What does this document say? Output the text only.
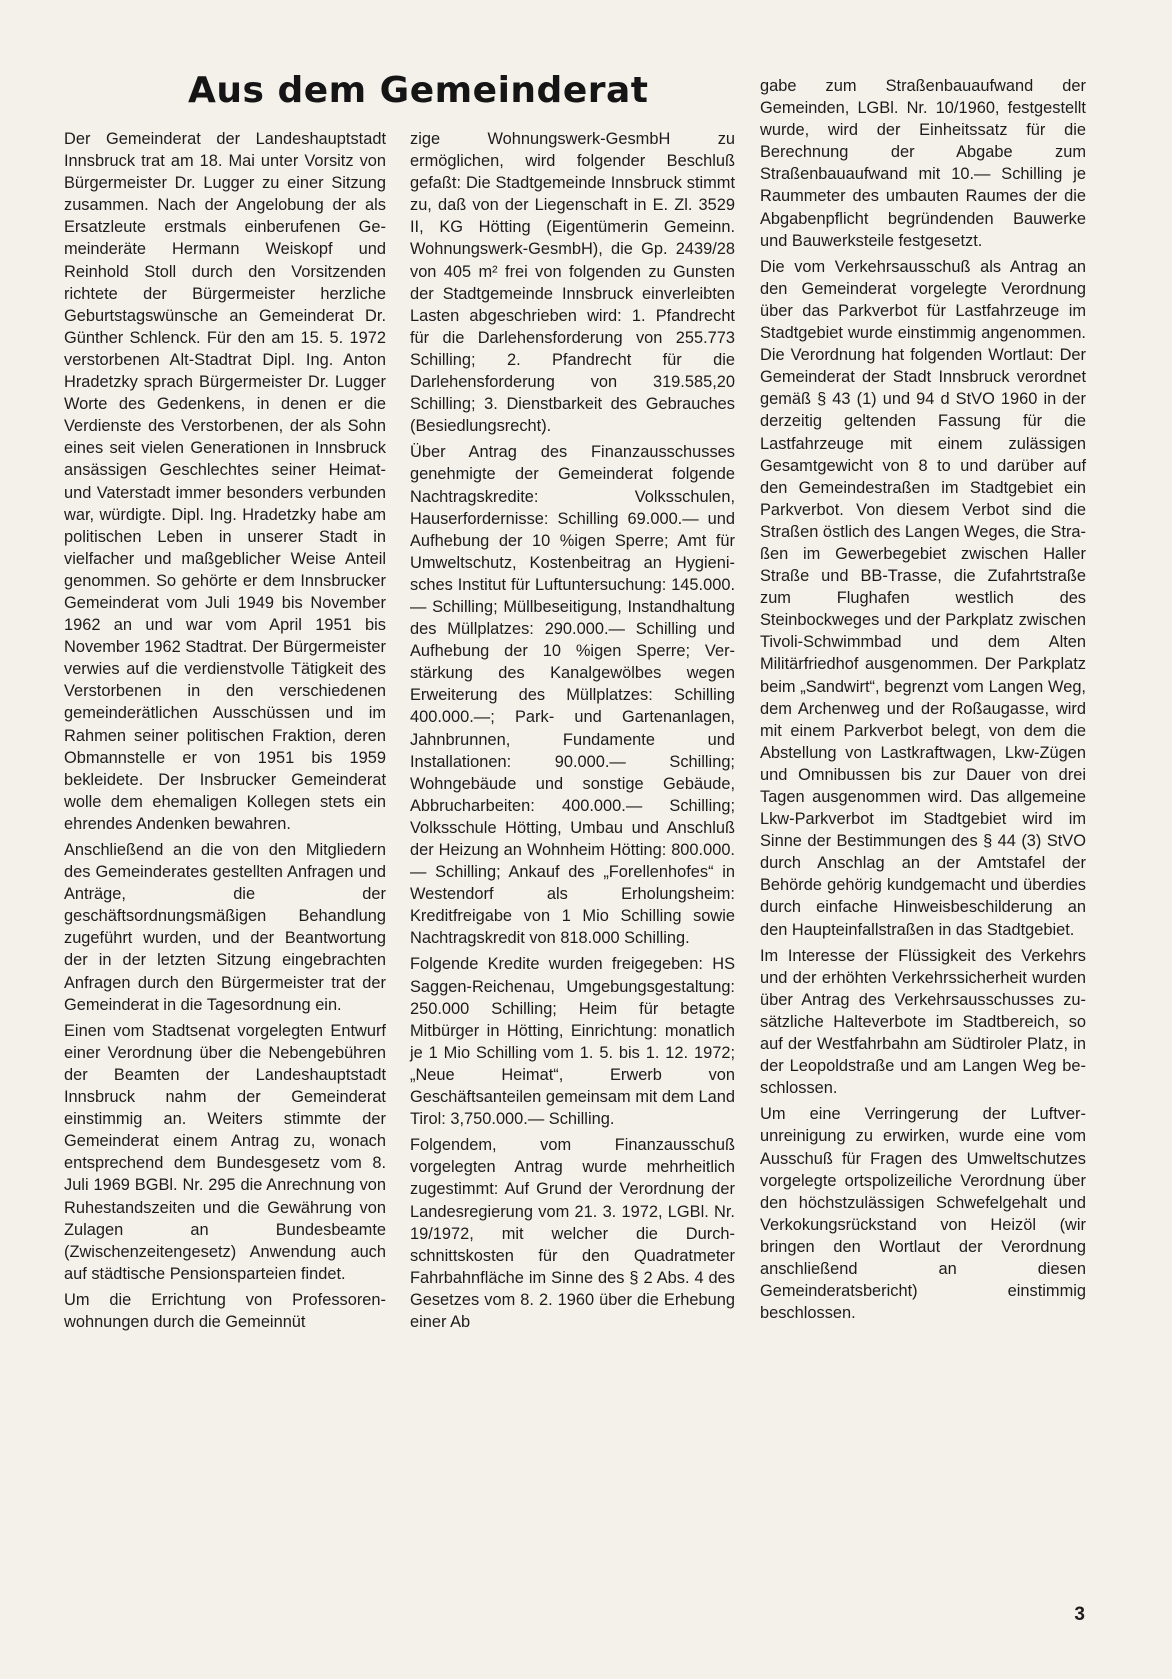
Aus dem Gemeinderat

Der Gemeinderat der Landeshauptstadt Innsbruck trat am 18. Mai unter Vorsitz von Bürgermeister Dr. Lugger zu einer Sitzung zusammen. Nach der Angelobung der als Ersatzleute erstmals einberufenen Gemeinderäte Hermann Weiskopf und Reinhold Stoll durch den Vorsitzenden richtete der Bürgermeister herzliche Geburtstagswünsche an Gemeinderat Dr. Günther Schlenck. Für den am 15. 5. 1972 verstorbenen Alt-Stadtrat Dipl. Ing. Anton Hradetzky sprach Bürgermeister Dr. Lugger Worte des Gedenkens, in denen er die Verdienste des Verstorbenen, der als Sohn eines seit vielen Generationen in Innsbruck ansässigen Geschlechtes seiner Heimat- und Vaterstadt immer besonders verbunden war, würdigte. Dipl. Ing. Hradetzky habe am politischen Leben in unserer Stadt in vielfacher und maßgeblicher Weise Anteil genommen. So gehörte er dem Innsbrucker Gemeinderat vom Juli 1949 bis November 1962 an und war vom April 1951 bis November 1962 Stadtrat. Der Bürgermeister verwies auf die verdienstvolle Tätigkeit des Verstorbenen in den verschiedenen gemeinderätlichen Ausschüssen und im Rahmen seiner politischen Fraktion, deren Obmannstelle er von 1951 bis 1959 bekleidete. Der Insbrucker Gemeinderat wolle dem ehemaligen Kollegen stets ein ehrendes Andenken bewahren.

Anschließend an die von den Mitgliedern des Gemeinderates gestellten Anfragen und Anträge, die der geschäftsordnungsmäßigen Behandlung zugeführt wurden, und der Beantwortung der in der letzten Sitzung eingebrachten Anfragen durch den Bürgermeister trat der Gemeinderat in die Tagesordnung ein.

Einen vom Stadtsenat vorgelegten Entwurf einer Verordnung über die Nebengebühren der Beamten der Landeshauptstadt Innsbruck nahm der Gemeinderat einstimmig an. Weiters stimmte der Gemeinderat einem Antrag zu, wonach entsprechend dem Bundesgesetz vom 8. Juli 1969 BGBl. Nr. 295 die Anrechnung von Ruhestandszeiten und die Gewährung von Zulagen an Bundesbeamte (Zwischenzeitengesetz) Anwendung auch auf städtische Pensionsparteien findet.

Um die Errichtung von Professorenwohnungen durch die Gemeinnüt

zige Wohnungswerk-GesmbH zu ermöglichen, wird folgender Beschluß gefaßt: Die Stadtgemeinde Innsbruck stimmt zu, daß von der Liegenschaft in E. Zl. 3529 II, KG Hötting (Eigentümerin Gemeinn. Wohnungswerk-GesmbH), die Gp. 2439/28 von 405 m² frei von folgenden zu Gunsten der Stadtgemeinde Innsbruck einverleibten Lasten abgeschrieben wird: 1. Pfandrecht für die Darlehensforderung von 255.773 Schilling; 2. Pfandrecht für die Darlehensforderung von 319.585,20 Schilling; 3. Dienstbarkeit des Gebrauches (Besiedlungsrecht).

Über Antrag des Finanzausschusses genehmigte der Gemeinderat folgende Nachtragskredite: Volksschulen, Hauserfordernisse: Schilling 69.000.— und Aufhebung der 10 %igen Sperre; Amt für Umweltschutz, Kostenbeitrag an Hygienisches Institut für Luftuntersuchung: 145.000.— Schilling; Müllbeseitigung, Instandhaltung des Müllplatzes: 290.000.— Schilling und Aufhebung der 10 %igen Sperre; Verstärkung des Kanalgewölbes wegen Erweiterung des Müllplatzes: Schilling 400.000.—; Park- und Gartenanlagen, Jahnbrunnen, Fundamente und Installationen: 90.000.— Schilling; Wohngebäude und sonstige Gebäude, Abbrucharbeiten: 400.000.— Schilling; Volksschule Hötting, Umbau und Anschluß der Heizung an Wohnheim Hötting: 800.000.— Schilling; Ankauf des „Forellenhofes“ in Westendorf als Erholungsheim: Kreditfreigabe von 1 Mio Schilling sowie Nachtragskredit von 818.000 Schilling.

Folgende Kredite wurden freigegeben: HS Saggen-Reichenau, Umgebungsgestaltung: 250.000 Schilling; Heim für betagte Mitbürger in Hötting, Einrichtung: monatlich je 1 Mio Schilling vom 1. 5. bis 1. 12. 1972; „Neue Heimat“, Erwerb von Geschäftsanteilen gemeinsam mit dem Land Tirol: 3,750.000.— Schilling.

Folgendem, vom Finanzausschuß vorgelegten Antrag wurde mehrheitlich zugestimmt: Auf Grund der Verordnung der Landesregierung vom 21. 3. 1972, LGBl. Nr. 19/1972, mit welcher die Durchschnittskosten für den Quadratmeter Fahrbahnfläche im Sinne des § 2 Abs. 4 des Gesetzes vom 8. 2. 1960 über die Erhebung einer Ab

gabe zum Straßenbauaufwand der Gemeinden, LGBl. Nr. 10/1960, festgestellt wurde, wird der Einheitssatz für die Berechnung der Abgabe zum Straßenbauaufwand mit 10.— Schilling je Raummeter des umbauten Raumes der die Abgabenpflicht begründenden Bauwerke und Bauwerksteile festgesetzt.

Die vom Verkehrsausschuß als Antrag an den Gemeinderat vorgelegte Verordnung über das Parkverbot für Lastfahrzeuge im Stadtgebiet wurde einstimmig angenommen. Die Verordnung hat folgenden Wortlaut: Der Gemeinderat der Stadt Innsbruck verordnet gemäß § 43 (1) und 94 d StVO 1960 in der derzeitig geltenden Fassung für die Lastfahrzeuge mit einem zulässigen Gesamtgewicht von 8 to und darüber auf den Gemeindestraßen im Stadtgebiet ein Parkverbot. Von diesem Verbot sind die Straßen östlich des Langen Weges, die Straßen im Gewerbegebiet zwischen Haller Straße und BB-Trasse, die Zufahrtstraße zum Flughafen westlich des Steinbockweges und der Parkplatz zwischen Tivoli-Schwimmbad und dem Alten Militärfriedhof ausgenommen. Der Parkplatz beim „Sandwirt“, begrenzt vom Langen Weg, dem Archenweg und der Roßaugasse, wird mit einem Parkverbot belegt, von dem die Abstellung von Lastkraftwagen, Lkw-Zügen und Omnibussen bis zur Dauer von drei Tagen ausgenommen wird. Das allgemeine Lkw-Parkverbot im Stadtgebiet wird im Sinne der Bestimmungen des § 44 (3) StVO durch Anschlag an der Amtstafel der Behörde gehörig kundgemacht und überdies durch einfache Hinweisbeschilderung an den Haupteinfallstraßen in das Stadtgebiet.

Im Interesse der Flüssigkeit des Verkehrs und der erhöhten Verkehrssicherheit wurden über Antrag des Verkehrsausschusses zusätzliche Halteverbote im Stadtbereich, so auf der Westfahrbahn am Südtiroler Platz, in der Leopoldstraße und am Langen Weg beschlossen.

Um eine Verringerung der Luftverunreinigung zu erwirken, wurde eine vom Ausschuß für Fragen des Umweltschutzes vorgelegte ortspolizeiliche Verordnung über den höchstzulässigen Schwefelgehalt und Verkokungsrückstand von Heizöl (wir bringen den Wortlaut der Verordnung anschließend an diesen Gemeinderatsbericht) einstimmig beschlossen.

3
